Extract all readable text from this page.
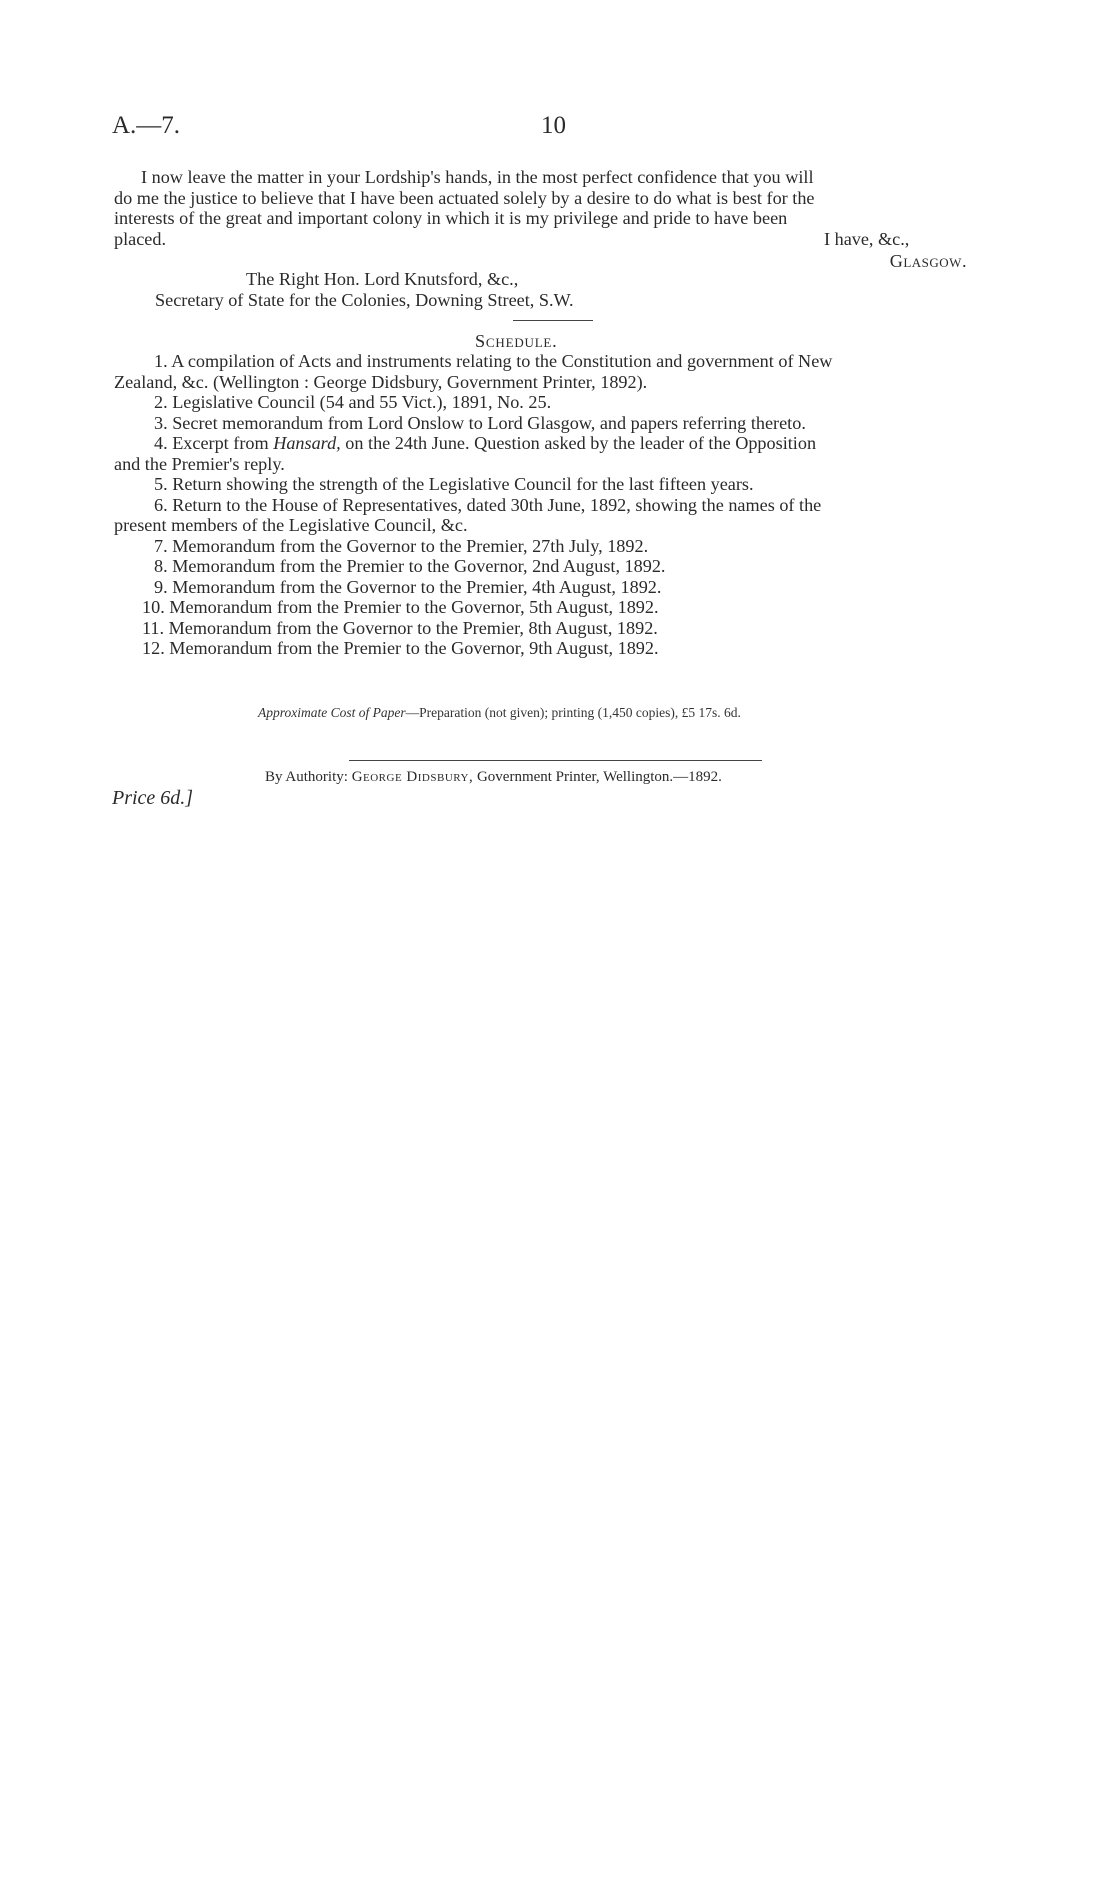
A.—7.	10
I now leave the matter in your Lordship's hands, in the most perfect confidence that you will
do me the justice to believe that I have been actuated solely by a desire to do what is best for the
interests of the great and important colony in which it is my privilege and pride to have been
placed.	I have, &c.,
Glasgow.
The Right Hon. Lord Knutsford, &c.,
Secretary of State for the Colonies, Downing Street, S.W.
Schedule.
1. A compilation of Acts and instruments relating to the Constitution and government of New
Zealand, &c. (Wellington : George Didsbury, Government Printer, 1892).
2. Legislative Council (54 and 55 Vict.), 1891, No. 25.
3. Secret memorandum from Lord Onslow to Lord Glasgow, and papers referring thereto.
4. Excerpt from Hansard, on the 24th June. Question asked by the leader of the Opposition
and the Premier's reply.
5. Return showing the strength of the Legislative Council for the last fifteen years.
6. Return to the House of Representatives, dated 30th June, 1892, showing the names of the
present members of the Legislative Council, &c.
7. Memorandum from the Governor to the Premier, 27th July, 1892.
8. Memorandum from the Premier to the Governor, 2nd August, 1892.
9. Memorandum from the Governor to the Premier, 4th August, 1892.
10. Memorandum from the Premier to the Governor, 5th August, 1892.
11. Memorandum from the Governor to the Premier, 8th August, 1892.
12. Memorandum from the Premier to the Governor, 9th August, 1892.
Approximate Cost of Paper—Preparation (not given); printing (1,450 copies), £5 17s. 6d.
By Authority: George Didsbury, Government Printer, Wellington.—1892.
Price 6d.]
